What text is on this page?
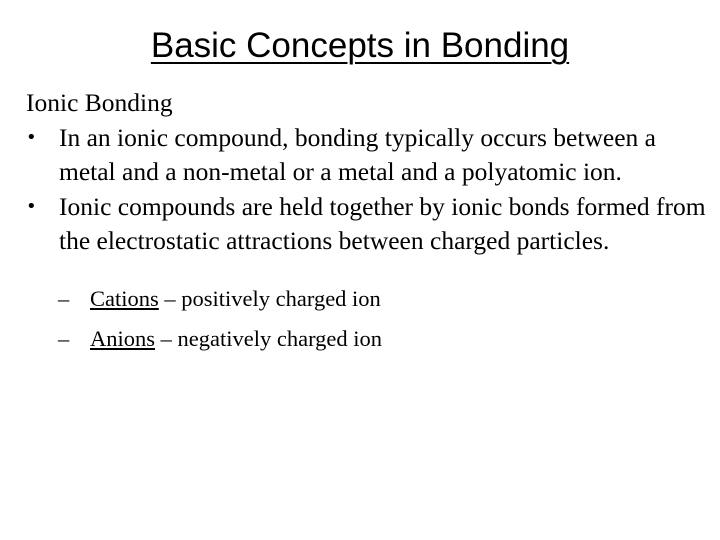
Basic Concepts in Bonding
Ionic Bonding
• In an ionic compound, bonding typically occurs between a metal and a non-metal or a metal and a polyatomic ion.
• Ionic compounds are held together by ionic bonds formed from the electrostatic attractions between charged particles.
– Cations – positively charged ion
– Anions – negatively charged ion
